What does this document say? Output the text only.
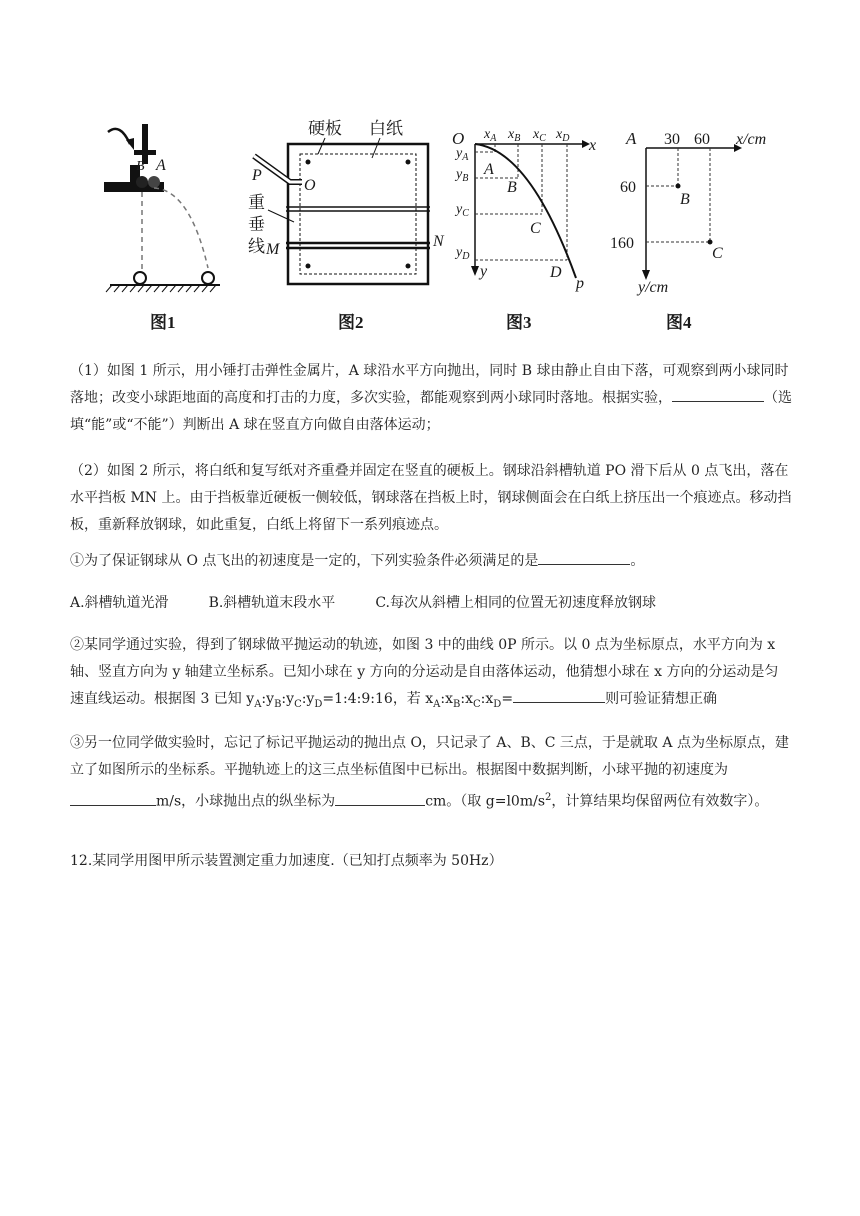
B A
图1
硬板 白纸
P
O
重
垂
线 M	N
图2
O	x
y
$x_A$ $x_B$ $x_C$ $x_D$
$y_A$
$y_B$
$y_C$
$y_D$
A
B
C
D
p
图3
A 30 60 x/cm
60
160
y/cm
B
C
图4

（1）如图 1 所示，用小锤打击弹性金属片，A 球沿水平方向抛出，同时 B 球由静止自由下落，可观察到两小球同时落地；改变小球距地面的高度和打击的力度，多次实验，都能观察到两小球同时落地。根据实验，	（选填“能”或“不能”）判断出 A 球在竖直方向做自由落体运动；

（2）如图 2 所示，将白纸和复写纸对齐重叠并固定在竖直的硬板上。钢球沿斜槽轨道 PO 滑下后从 0 点飞出，落在水平挡板 MN 上。由于挡板靠近硬板一侧较低，钢球落在挡板上时，钢球侧面会在白纸上挤压出一个痕迹点。移动挡板，重新释放钢球，如此重复，白纸上将留下一系列痕迹点。

①为了保证钢球从 O 点飞出的初速度是一定的，下列实验条件必须满足的是	。

A.斜槽轨道光滑	B.斜槽轨道末段水平	C.每次从斜槽上相同的位置无初速度释放钢球

②某同学通过实验，得到了钢球做平抛运动的轨迹，如图 3 中的曲线 0P 所示。以 0 点为坐标原点，水平方向为 x 轴、竖直方向为 y 轴建立坐标系。已知小球在 y 方向的分运动是自由落体运动，他猜想小球在 x 方向的分运动是匀速直线运动。根据图 3 已知 $y_A:y_B:y_C:y_D=1:4:9:16$，若 $x_A:x_B:x_C:x_D=$	则可验证猜想正确

③另一位同学做实验时，忘记了标记平抛运动的抛出点 O，只记录了 A、B、C 三点，于是就取 A 点为坐标原点，建立了如图所示的坐标系。平抛轨迹上的这三点坐标值图中已标出。根据图中数据判断，小球平抛的初速度为m/s，小球抛出点的纵坐标为	cm。（取 $g=l0m/s^2$，计算结果均保留两位有效数字）。

12.某同学用图甲所示装置测定重力加速度.（已知打点频率为 50Hz）
